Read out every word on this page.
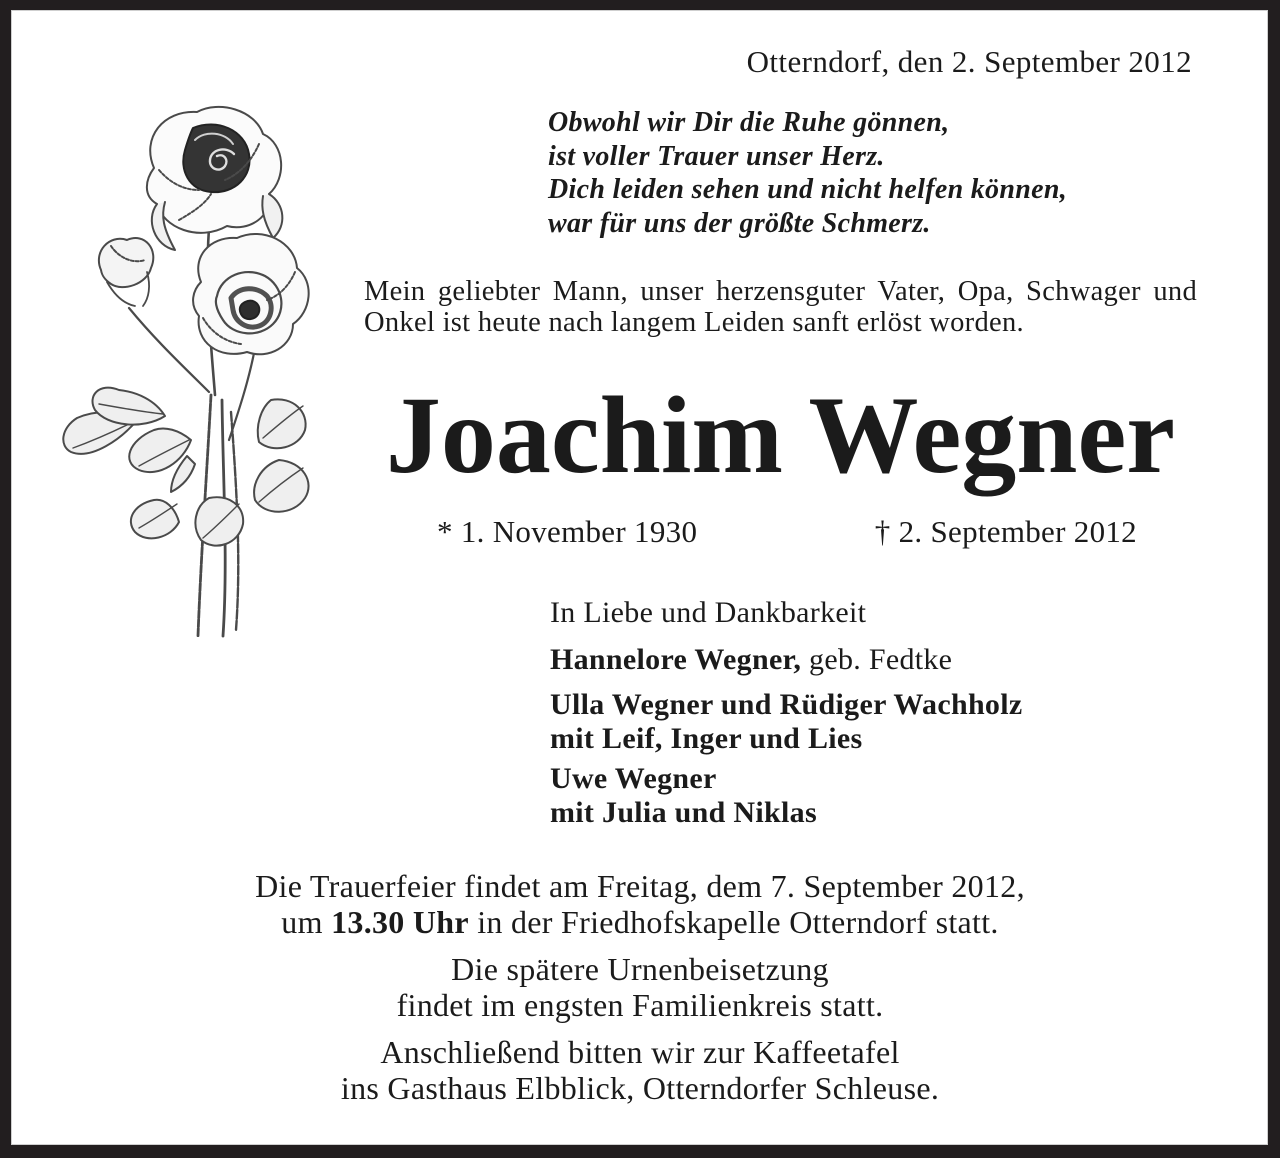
Otterndorf, den 2. September 2012
Obwohl wir Dir die Ruhe gönnen,
ist voller Trauer unser Herz.
Dich leiden sehen und nicht helfen können,
war für uns der größte Schmerz.
Mein geliebter Mann, unser herzensguter Vater, Opa, Schwager und Onkel ist heute nach langem Leiden sanft erlöst worden.
Joachim Wegner
* 1. November 1930	† 2. September 2012
In Liebe und Dankbarkeit
Hannelore Wegner, geb. Fedtke
Ulla Wegner und Rüdiger Wachholz
mit Leif, Inger und Lies
Uwe Wegner
mit Julia und Niklas

Die Trauerfeier findet am Freitag, dem 7. September 2012,
um 13.30 Uhr in der Friedhofskapelle Otterndorf statt.

Die spätere Urnenbeisetzung
findet im engsten Familienkreis statt.

Anschließend bitten wir zur Kaffeetafel
ins Gasthaus Elbblick, Otterndorfer Schleuse.
